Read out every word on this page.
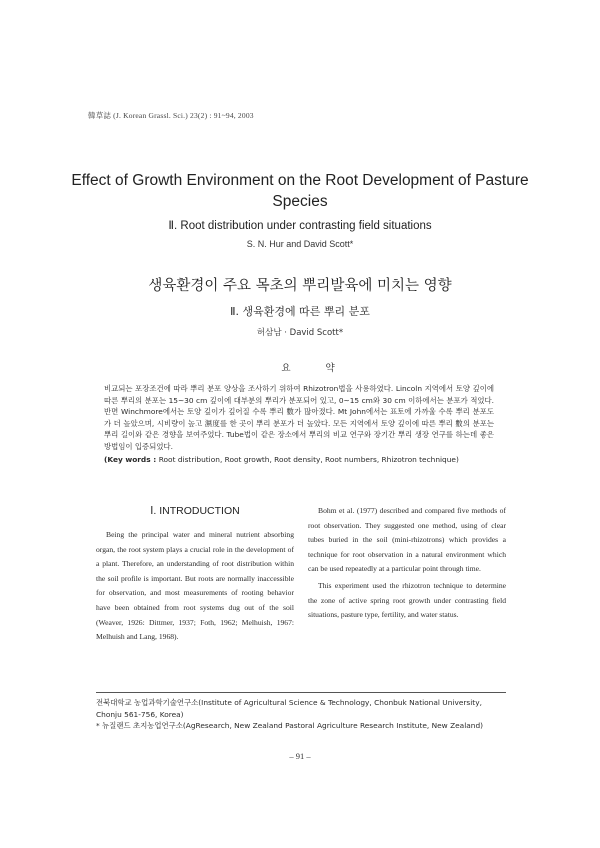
韓草誌 (J. Korean Grassl. Sci.) 23(2) : 91~94, 2003
Effect of Growth Environment on the Root Development of Pasture Species
Ⅱ. Root distribution under contrasting field situations
S. N. Hur and David Scott*
생육환경이 주요 목초의 뿌리발육에 미치는 영향
Ⅱ. 생육환경에 따른 뿌리 분포
허삼남 · David Scott*
요 약

비교되는 포장조건에 따라 뿌리 분포 양상을 조사하기 위하여 Rhizotron법을 사용하였다. Lincoln 지역에서 토양 깊이에 따른 뿌리의 분포는 15~30 cm 깊이에 대부분의 뿌리가 분포되어 있고, 0~15 cm와 30 cm 이하에서는 분포가 적었다. 반면 Winchmore에서는 토양 깊이가 깊어질 수록 뿌리 數가 많아졌다. Mt John에서는 표토에 가까울 수록 뿌리 분포도가 더 높았으며, 시비량이 높고 濕度를 한 곳이 뿌리 분포가 더 높았다. 모든 지역에서 토양 깊이에 따른 뿌리 數의 분포는 뿌리 길이와 같은 경향을 보여주었다. Tube법이 같은 장소에서 뿌리의 비교 연구와 장기간 뿌리 생장 연구를 하는데 좋은 방법임이 입증되었다.

(Key words : Root distribution, Root growth, Root density, Root numbers, Rhizotron technique)

Ⅰ. INTRODUCTION

Being the principal water and mineral nutrient absorbing organ, the root system plays a crucial role in the development of a plant. Therefore, an understanding of root distribution within the soil profile is important. But roots are normally inaccessible for observation, and most measurements of rooting behavior have been obtained from root systems dug out of the soil (Weaver, 1926: Dittmer, 1937; Foth, 1962; Melhuish, 1967: Melhuish and Lang, 1968).

Bohm et al. (1977) described and compared five methods of root observation. They suggested one method, using of clear tubes buried in the soil (mini-rhizotrons) which provides a technique for root observation in a natural environment which can be used repeatedly at a particular point through time.

This experiment used the rhizotron technique to determine the zone of active spring root growth under contrasting field situations, pasture type, fertility, and water status.

전북대학교 농업과학기술연구소(Institute of Agricultural Science & Technology, Chonbuk National University, Chonju 561-756, Korea)

* 뉴질랜드 초지농업연구소(AgResearch, New Zealand Pastoral Agriculture Research Institute, New Zealand)

– 91 –
